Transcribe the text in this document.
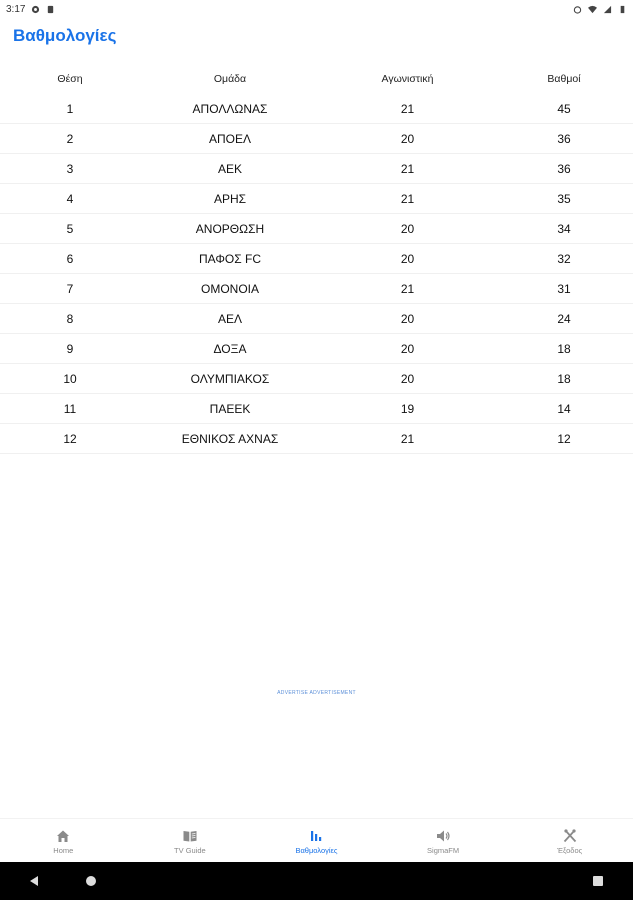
3:17
Βαθμολογίες
Θέση	Ομάδα	Αγωνιστική	Βαθμοί
1	ΑΠΟΛΛΩΝΑΣ	21	45
2	ΑΠΟΕΛ	20	36
3	ΑΕΚ	21	36
4	ΑΡΗΣ	21	35
5	ΑΝΟΡΘΩΣΗ	20	34
6	ΠΑΦΟΣ FC	20	32
7	ΟΜΟΝΟΙΑ	21	31
8	ΑΕΛ	20	24
9	ΔΟΞΑ	20	18
10	ΟΛΥΜΠΙΑΚΟΣ	20	18
11	ΠΑΕΕΚ	19	14
12	ΕΘΝΙΚΟΣ ΑΧΝΑΣ	21	12
ADVERTISE ADVERTISEMENT
Home	TV Guide	Βαθμολογίες	SigmaFM	Έξοδος
